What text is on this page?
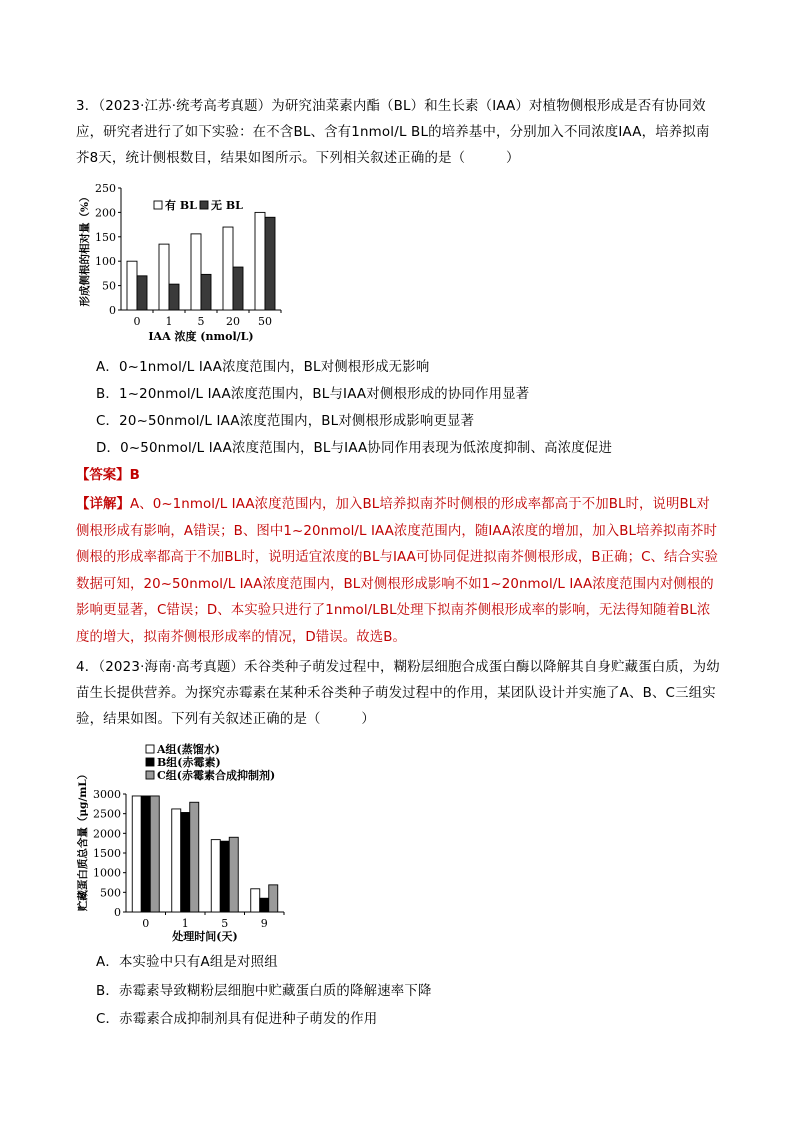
3．（2023·江苏·统考高考真题）为研究油菜素内酯（BL）和生长素（IAA）对植物侧根形成是否有协同效应，研究者进行了如下实验：在不含BL、含有1nmol/L BL的培养基中，分别加入不同浓度IAA，培养拟南芥8天，统计侧根数目，结果如图所示。下列相关叙述正确的是（　　　）

0
50
100
150
200
250
0 1 5 20 50
IAA 浓度 (nmol/L)
形成侧根的相对量（%）	有 BL 无 BL
A．0~1nmol/L IAA浓度范围内，BL对侧根形成无影响
B．1~20nmol/L IAA浓度范围内，BL与IAA对侧根形成的协同作用显著
C．20~50nmol/L IAA浓度范围内，BL对侧根形成影响更显著
D．0~50nmol/L IAA浓度范围内，BL与IAA协同作用表现为低浓度抑制、高浓度促进
【答案】B

【详解】A、0~1nmol/L IAA浓度范围内，加入BL培养拟南芥时侧根的形成率都高于不加BL时，说明BL对侧根形成有影响，A错误；B、图中1~20nmol/L IAA浓度范围内，随IAA浓度的增加，加入BL培养拟南芥时侧根的形成率都高于不加BL时，说明适宜浓度的BL与IAA可协同促进拟南芥侧根形成，B正确；C、结合实验数据可知，20~50nmol/L IAA浓度范围内，BL对侧根形成影响不如1~20nmol/L IAA浓度范围内对侧根的影响更显著，C错误；D、本实验只进行了1nmol/LBL处理下拟南芥侧根形成率的影响，无法得知随着BL浓度的增大，拟南芥侧根形成率的情况，D错误。故选B。

4．（2023·海南·高考真题）禾谷类种子萌发过程中，糊粉层细胞合成蛋白酶以降解其自身贮藏蛋白质，为幼苗生长提供营养。为探究赤霉素在某种禾谷类种子萌发过程中的作用，某团队设计并实施了A、B、C三组实验，结果如图。下列有关叙述正确的是（　　　）

0
500
1000
1500
2000
2500
3000
0	1	5	9
处理时间(天)
贮藏蛋白质总含量（μg/mL）
A组(蒸馏水)
B组(赤霉素)
C组(赤霉素合成抑制剂)
A．本实验中只有A组是对照组
B．赤霉素导致糊粉层细胞中贮藏蛋白质的降解速率下降
C．赤霉素合成抑制剂具有促进种子萌发的作用
